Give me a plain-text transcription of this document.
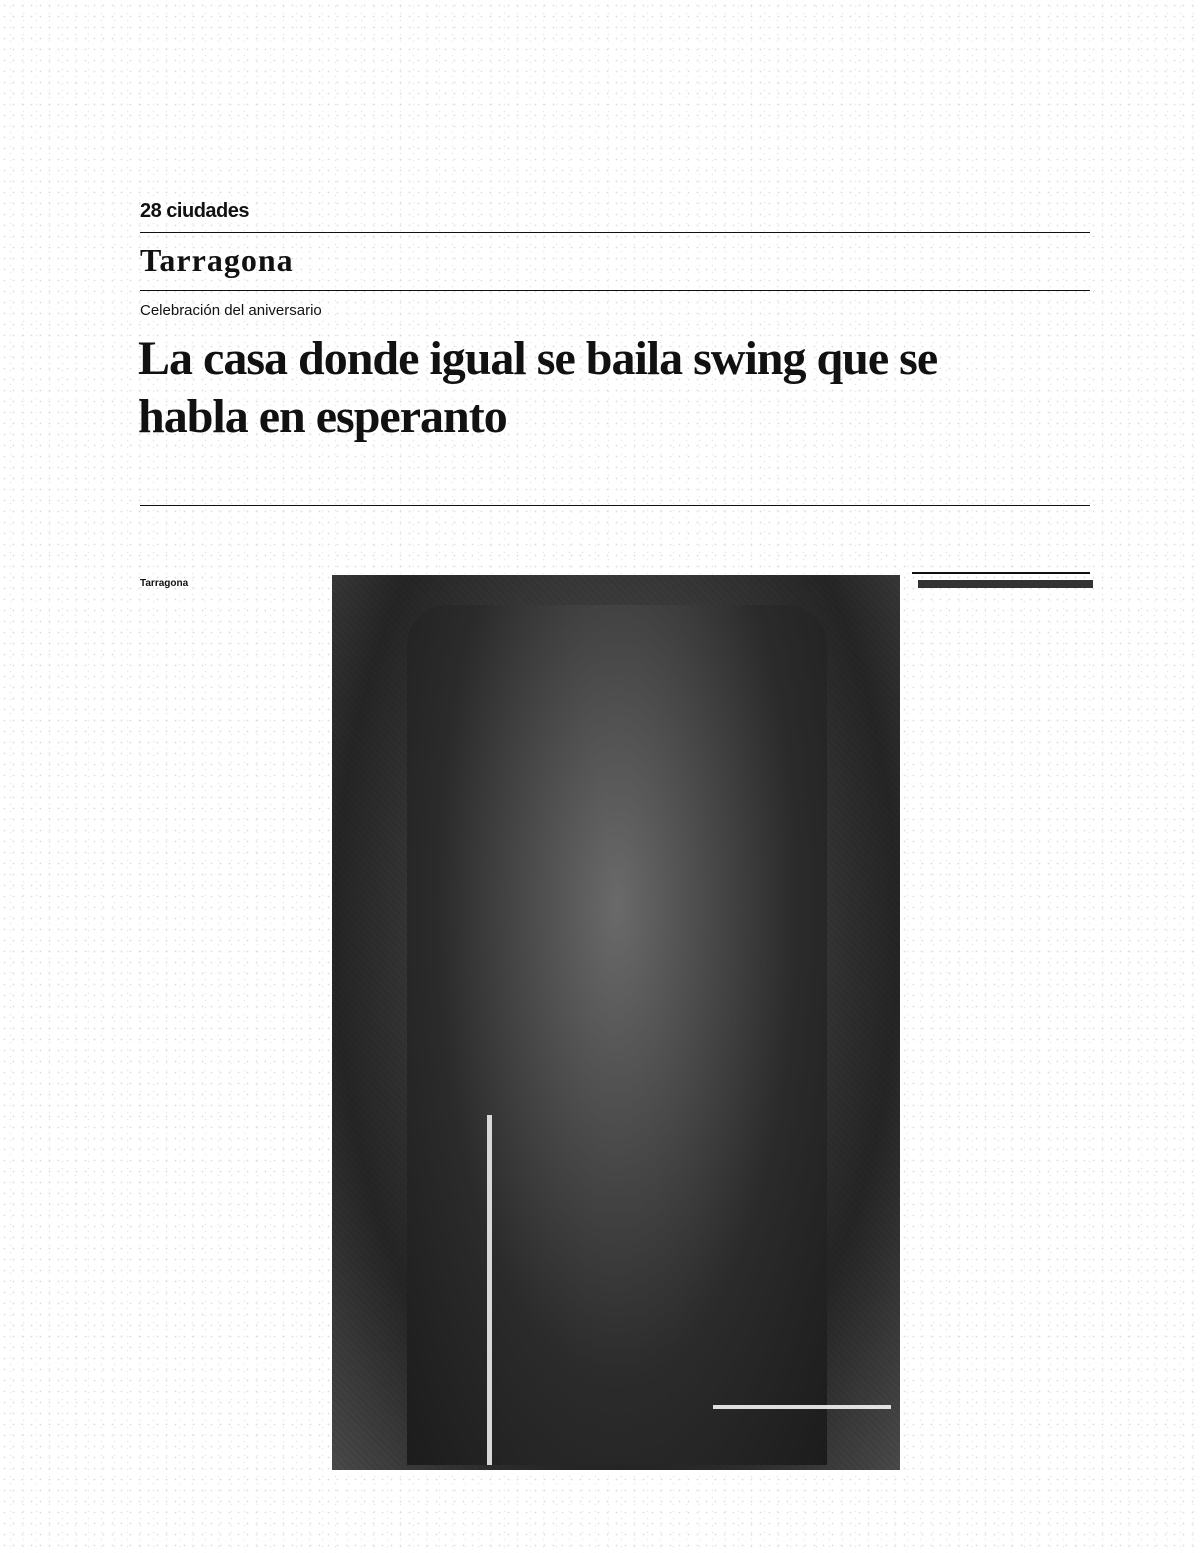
28 ciudades
Tarragona
Celebración del aniversario
La casa donde igual se baila swing que se habla en esperanto
Tarragona
